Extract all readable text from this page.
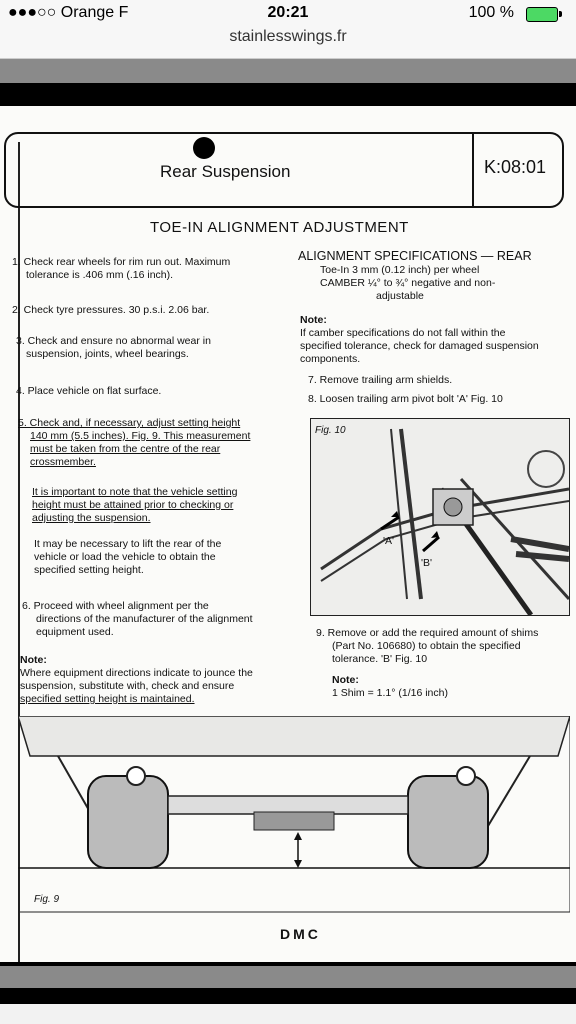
●●●○○ Orange F	20:21	100 %
stainlesswings.fr
Rear Suspension	K:08:01
TOE-IN ALIGNMENT ADJUSTMENT
1. Check rear wheels for rim run out. Maximum
tolerance is .406 mm (.16 inch).
2. Check tyre pressures. 30 p.s.i. 2.06 bar.
3. Check and ensure no abnormal wear in
suspension, joints, wheel bearings.
4. Place vehicle on flat surface.
5. Check and, if necessary, adjust setting height
140 mm (5.5 inches). Fig. 9. This measurement
must be taken from the centre of the rear
crossmember.
It is important to note that the vehicle setting
height must be attained prior to checking or
adjusting the suspension.
It may be necessary to lift the rear of the
vehicle or load the vehicle to obtain the
specified setting height.
6. Proceed with wheel alignment per the
directions of the manufacturer of the alignment
equipment used.
Note:
Where equipment directions indicate to jounce the
suspension, substitute with, check and ensure
specified setting height is maintained.
ALIGNMENT SPECIFICATIONS — REAR
Toe-In 3 mm (0.12 inch) per wheel
CAMBER ¼° to ¾° negative and non-
adjustable
Note:
If camber specifications do not fall within the
specified tolerance, check for damaged suspension
components.
7. Remove trailing arm shields.
8. Loosen trailing arm pivot bolt 'A' Fig. 10
Fig. 10
'A'
'B'
9. Remove or add the required amount of shims
(Part No. 106680) to obtain the specified
tolerance. 'B' Fig. 10
Note:
1 Shim = 1.1° (1/16 inch)
Fig. 9
DMC
